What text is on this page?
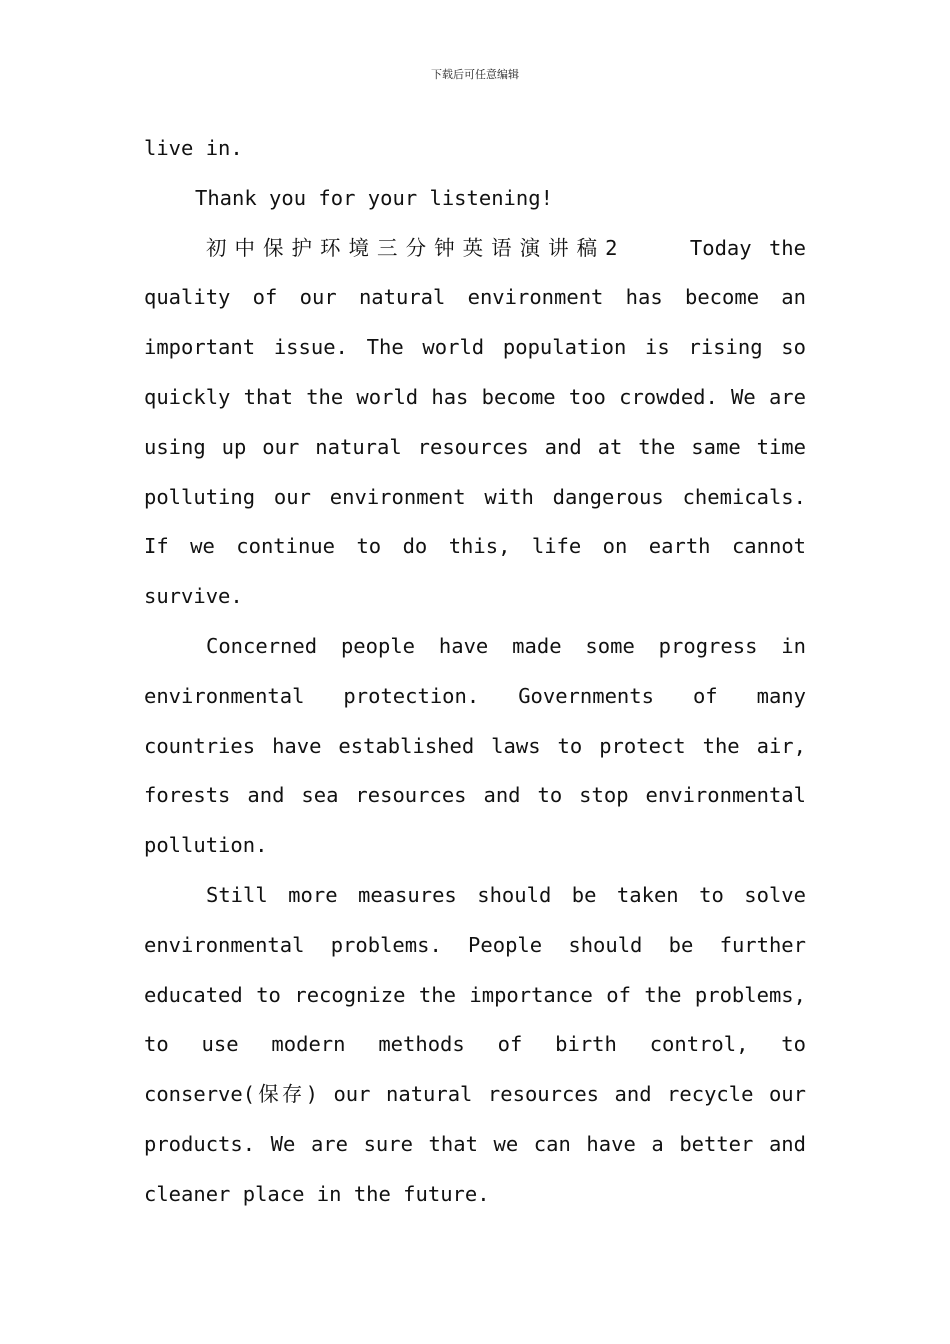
下载后可任意编辑

live in.

Thank you for your listening!

初中保护环境三分钟英语演讲稿2	Today the quality of our natural environment has become an important issue. The world population is rising so quickly that the world has become too crowded. We are using up our natural resources and at the same time polluting our environment with dangerous chemicals. If we continue to do this, life on earth cannot survive.

Concerned people have made some progress in environmental protection. Governments of many countries have established laws to protect the air, forests and sea resources and to stop environmental pollution.

Still more measures should be taken to solve environmental problems. People should be further educated to recognize the importance of the problems, to use modern methods of birth control, to conserve(保存) our natural resources and recycle our products. We are sure that we can have a better and cleaner place in the future.
